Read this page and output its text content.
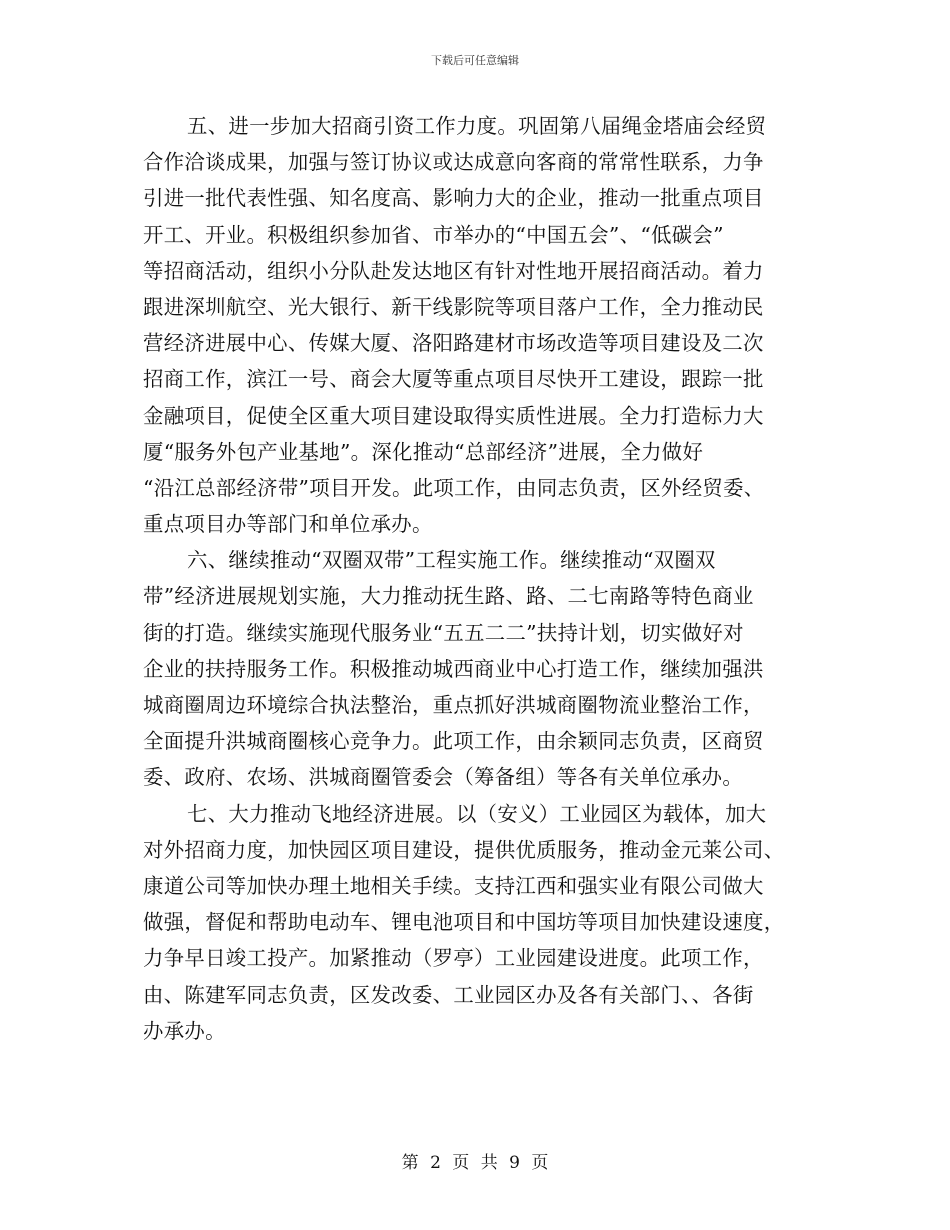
下载后可任意编辑
五、进一步加大招商引资工作力度。巩固第八届绳金塔庙会经贸
合作洽谈成果，加强与签订协议或达成意向客商的常常性联系，力争
引进一批代表性强、知名度高、影响力大的企业，推动一批重点项目
开工、开业。积极组织参加省、市举办的“中国五会”、“低碳会”
等招商活动，组织小分队赴发达地区有针对性地开展招商活动。着力
跟进深圳航空、光大银行、新干线影院等项目落户工作，全力推动民
营经济进展中心、传媒大厦、洛阳路建材市场改造等项目建设及二次
招商工作，滨江一号、商会大厦等重点项目尽快开工建设，跟踪一批
金融项目，促使全区重大项目建设取得实质性进展。全力打造标力大
厦“服务外包产业基地”。深化推动“总部经济”进展，全力做好
“沿江总部经济带”项目开发。此项工作，由同志负责，区外经贸委、
重点项目办等部门和单位承办。
六、继续推动“双圈双带”工程实施工作。继续推动“双圈双
带”经济进展规划实施，大力推动抚生路、路、二七南路等特色商业
街的打造。继续实施现代服务业“五五二二”扶持计划，切实做好对
企业的扶持服务工作。积极推动城西商业中心打造工作，继续加强洪
城商圈周边环境综合执法整治，重点抓好洪城商圈物流业整治工作，
全面提升洪城商圈核心竞争力。此项工作，由余颖同志负责，区商贸
委、政府、农场、洪城商圈管委会（筹备组）等各有关单位承办。
七、大力推动飞地经济进展。以（安义）工业园区为载体，加大
对外招商力度，加快园区项目建设，提供优质服务，推动金元莱公司、
康道公司等加快办理土地相关手续。支持江西和强实业有限公司做大
做强，督促和帮助电动车、锂电池项目和中国坊等项目加快建设速度，
力争早日竣工投产。加紧推动（罗亭）工业园建设进度。此项工作，
由、陈建军同志负责，区发改委、工业园区办及各有关部门、、各街
办承办。
第 2 页 共 9 页
